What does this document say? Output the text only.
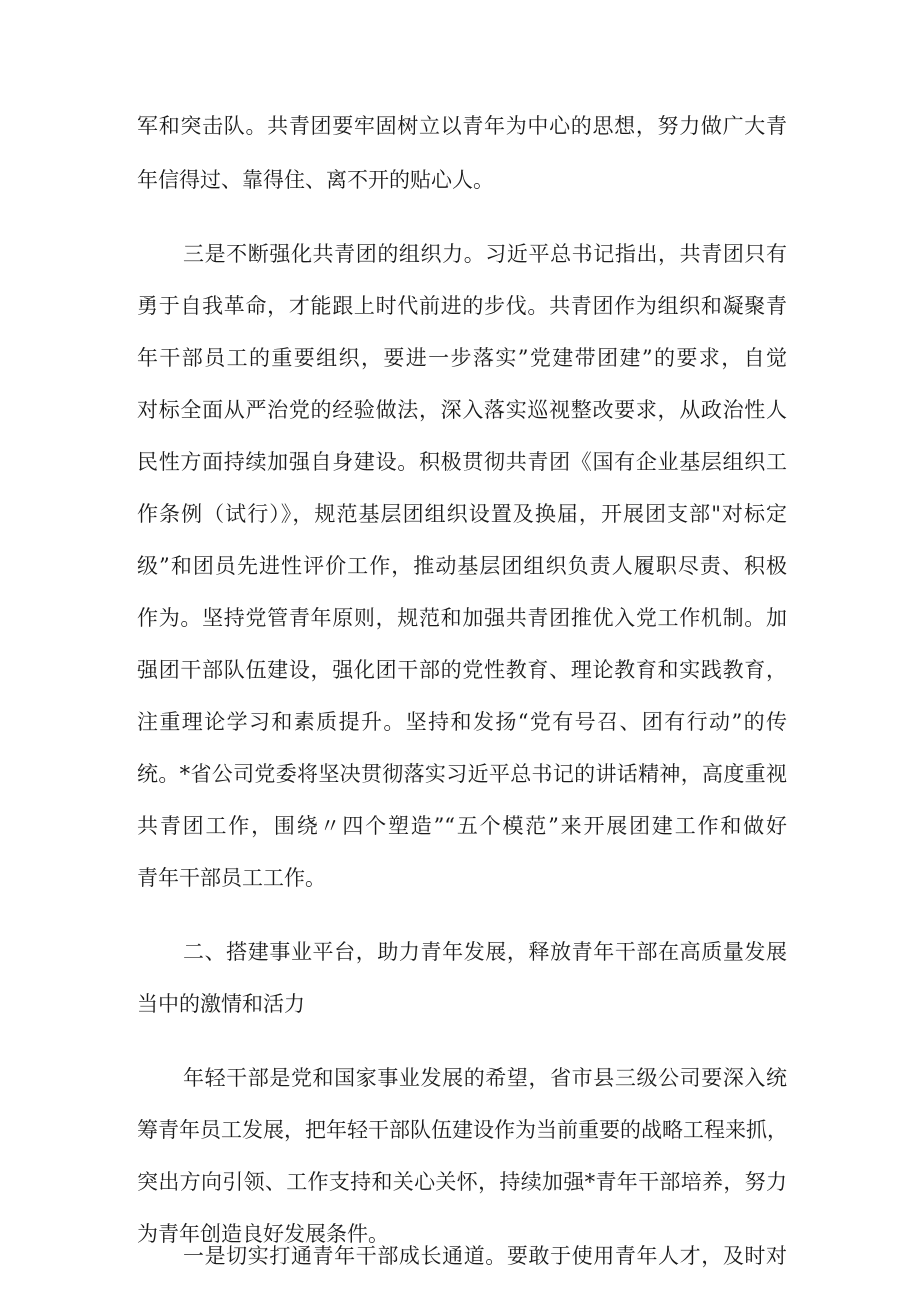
军和突击队。共青团要牢固树立以青年为中心的思想，努力做广大青
年信得过、靠得住、离不开的贴心人。
三是不断强化共青团的组织力。习近平总书记指出，共青团只有
勇于自我革命，才能跟上时代前进的步伐。共青团作为组织和凝聚青
年干部员工的重要组织，要进一步落实”党建带团建”的要求，自觉
对标全面从严治党的经验做法，深入落实巡视整改要求，从政治性人
民性方面持续加强自身建设。积极贯彻共青团《国有企业基层组织工
作条例（试行）》，规范基层团组织设置及换届，开展团支部"对标定
级”和团员先进性评价工作，推动基层团组织负责人履职尽责、积极
作为。坚持党管青年原则，规范和加强共青团推优入党工作机制。加
强团干部队伍建设，强化团干部的党性教育、理论教育和实践教育，
注重理论学习和素质提升。坚持和发扬“党有号召、团有行动”的传
统。*省公司党委将坚决贯彻落实习近平总书记的讲话精神，高度重视
共青团工作，围绕〃四个塑造”“五个模范”来开展团建工作和做好
青年干部员工工作。
二、搭建事业平台，助力青年发展，释放青年干部在高质量发展
当中的激情和活力
年轻干部是党和国家事业发展的希望，省市县三级公司要深入统
筹青年员工发展，把年轻干部队伍建设作为当前重要的战略工程来抓，
突出方向引领、工作支持和关心关怀，持续加强*青年干部培养，努力
为青年创造良好发展条件。
一是切实打通青年干部成长通道。要敢于使用青年人才，及时对
